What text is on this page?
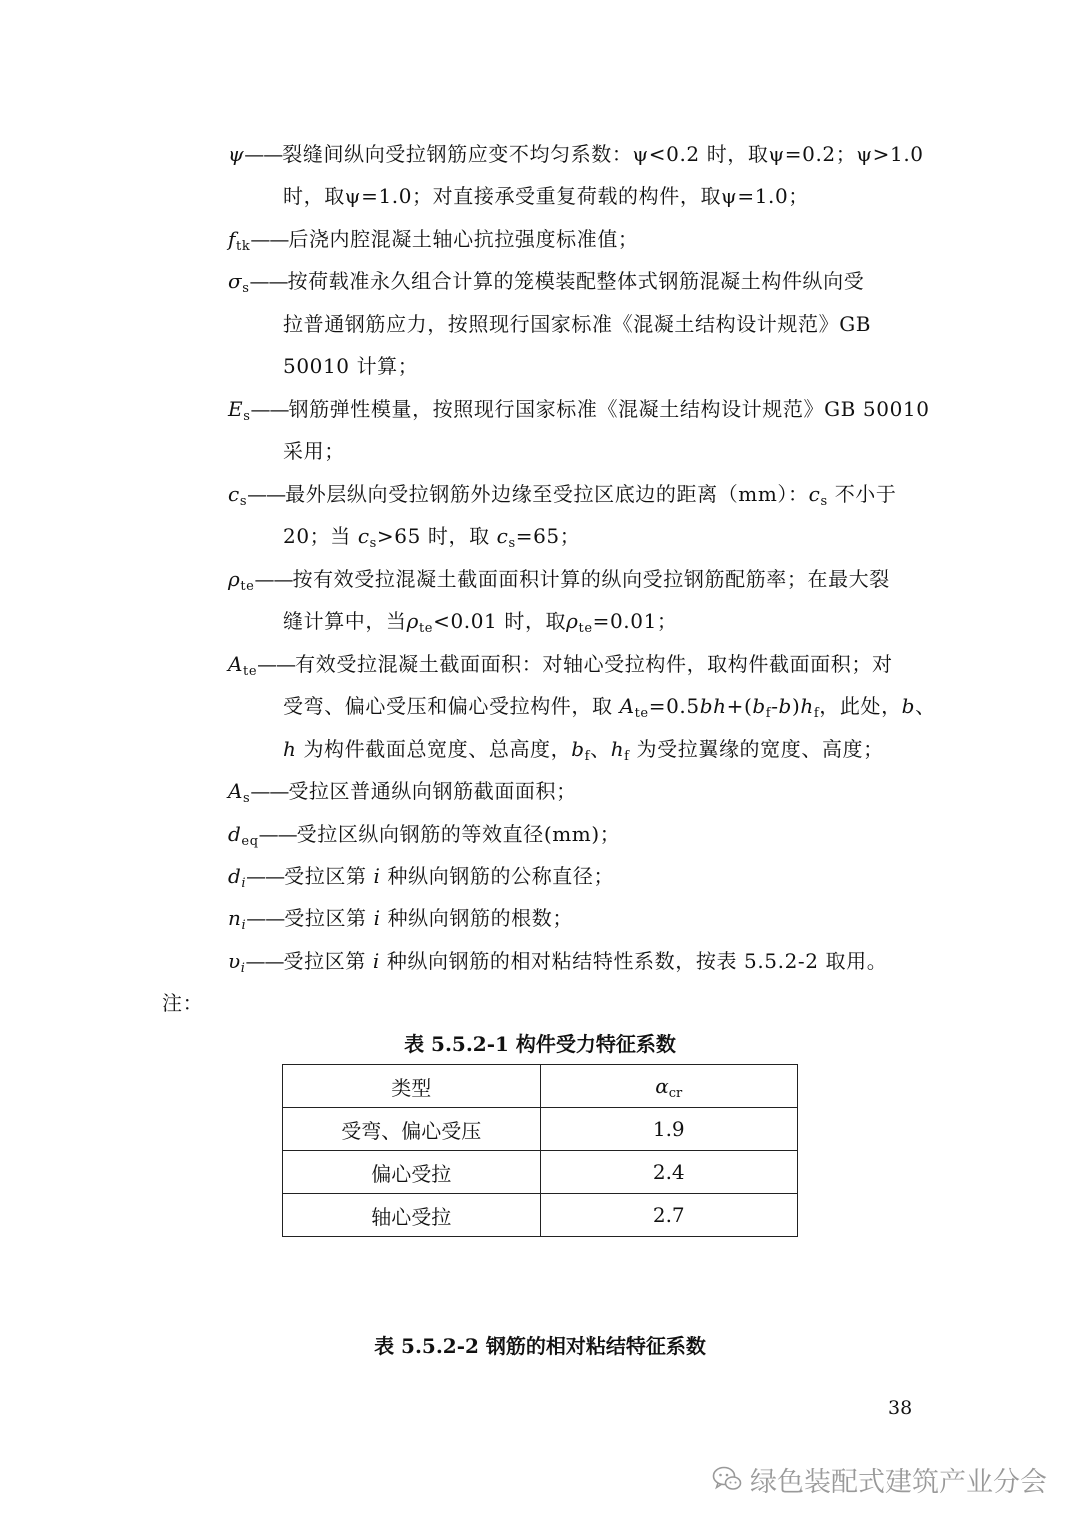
ψ——裂缝间纵向受拉钢筋应变不均匀系数：ψ<0.2 时，取ψ=0.2；ψ>1.0
时，取ψ=1.0；对直接承受重复荷载的构件，取ψ=1.0；
$f_{tk}——$后浇内腔混凝土轴心抗拉强度标准值；
$\sigma_s——$按荷载准永久组合计算的笼模装配整体式钢筋混凝土构件纵向受
拉普通钢筋应力，按照现行国家标准《混凝土结构设计规范》GB
50010 计算；
$E_s——$钢筋弹性模量，按照现行国家标准《混凝土结构设计规范》GB 50010
采用；
$c_s——$最外层纵向受拉钢筋外边缘至受拉区底边的距离（mm）：$c_s$ 不小于
20；当 $c_s>65$ 时，取 $c_s=65$；
$\rho_{te}——$按有效受拉混凝土截面面积计算的纵向受拉钢筋配筋率；在最大裂
缝计算中，当$\rho_{te}<0.01$ 时，取$\rho_{te}=0.01$；
$A_{te}——$有效受拉混凝土截面面积：对轴心受拉构件，取构件截面面积；对
受弯、偏心受压和偏心受拉构件，取 $A_{te}=0.5bh+(b_f-b)h_f$，此处，b、
h 为构件截面总宽度、总高度，$b_f$、$h_f$ 为受拉翼缘的宽度、高度；
$A_s——$受拉区普通纵向钢筋截面面积；
$d_{eq}——$受拉区纵向钢筋的等效直径(mm)；
$d_i——$受拉区第 i 种纵向钢筋的公称直径；
$n_i——$受拉区第 i 种纵向钢筋的根数；
$\upsilon_i——$受拉区第 i 种纵向钢筋的相对粘结特性系数，按表 5.5.2-2 取用。
注：
表 5.5.2-1 构件受力特征系数
类型	$\alpha_{cr}$
受弯、偏心受压	1.9
偏心受拉	2.4
轴心受拉	2.7
表 5.5.2-2 钢筋的相对粘结特征系数
38
绿色装配式建筑产业分会
